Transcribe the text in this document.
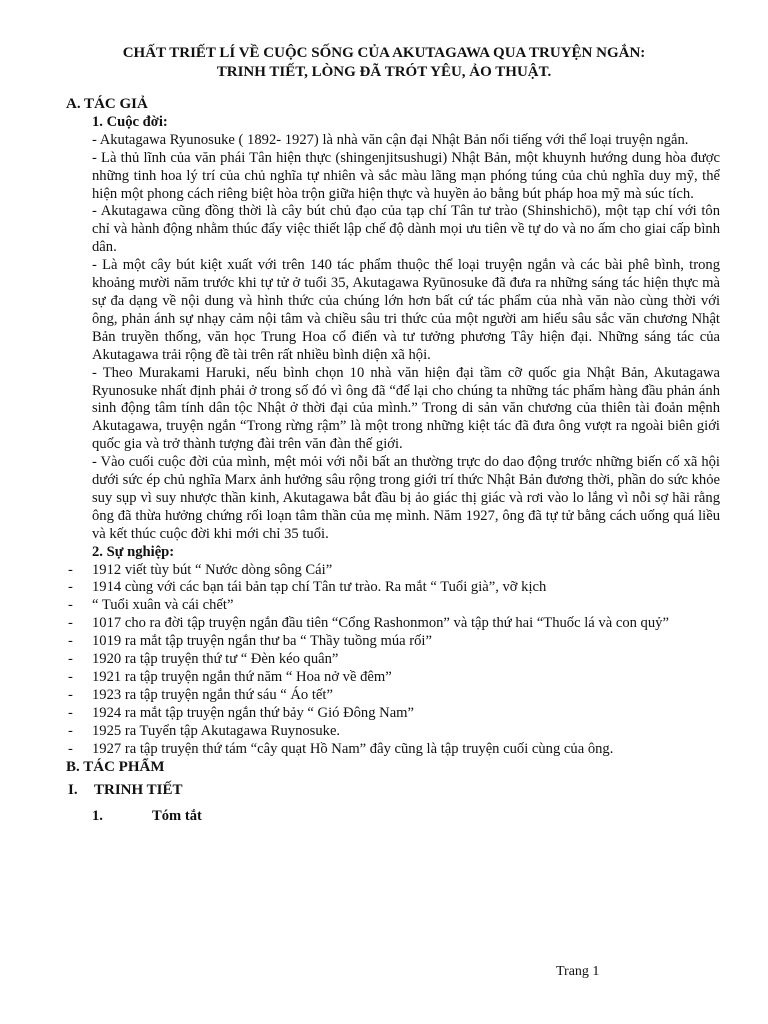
CHẤT TRIẾT LÍ VỀ CUỘC SỐNG CỦA AKUTAGAWA QUA TRUYỆN NGẮN:
TRINH TIẾT, LÒNG ĐÃ TRÓT YÊU, ẢO THUẬT.
A. TÁC GIẢ
1. Cuộc đời:
- Akutagawa Ryunosuke ( 1892- 1927) là nhà văn cận đại Nhật Bản nổi tiếng với thể loại truyện ngắn.
- Là thủ lĩnh của văn phái Tân hiện thực (shingenjitsushugi) Nhật Bản, một khuynh hướng dung hòa được những tinh hoa lý trí của chủ nghĩa tự nhiên và sắc màu lãng mạn phóng túng của chủ nghĩa duy mỹ, thể hiện một phong cách riêng biệt hòa trộn giữa hiện thực và huyền ảo bằng bút pháp hoa mỹ mà súc tích.
- Akutagawa cũng đồng thời là cây bút chủ đạo của tạp chí Tân tư trào (Shinshichō), một tạp chí với tôn chỉ và hành động nhằm thúc đẩy việc thiết lập chế độ dành mọi ưu tiên về tự do và no ấm cho giai cấp bình dân.
- Là một cây bút kiệt xuất với trên 140 tác phẩm thuộc thể loại truyện ngắn và các bài phê bình, trong khoảng mười năm trước khi tự tử ở tuổi 35, Akutagawa Ryūnosuke đã đưa ra những sáng tác hiện thực mà sự đa dạng về nội dung và hình thức của chúng lớn hơn bất cứ tác phẩm của nhà văn nào cùng thời với ông, phản ánh sự nhạy cảm nội tâm và chiều sâu tri thức của một người am hiểu sâu sắc văn chương Nhật Bản truyền thống, văn học Trung Hoa cổ điển và tư tưởng phương Tây hiện đại. Những sáng tác của Akutagawa trải rộng đề tài trên rất nhiều bình diện xã hội.
- Theo Murakami Haruki, nếu bình chọn 10 nhà văn hiện đại tầm cỡ quốc gia Nhật Bản, Akutagawa Ryunosuke nhất định phải ở trong số đó vì ông đã “để lại cho chúng ta những tác phẩm hàng đầu phản ánh sinh động tâm tính dân tộc Nhật ở thời đại của mình.” Trong di sản văn chương của thiên tài đoản mệnh Akutagawa, truyện ngắn “Trong rừng rậm” là một trong những kiệt tác đã đưa ông vượt ra ngoài biên giới quốc gia và trở thành tượng đài trên văn đàn thế giới.
- Vào cuối cuộc đời của mình, mệt mỏi với nỗi bất an thường trực do dao động trước những biến cố xã hội dưới sức ép chủ nghĩa Marx ảnh hưởng sâu rộng trong giới trí thức Nhật Bản đương thời, phần do sức khỏe suy sụp vì suy nhược thần kinh, Akutagawa bắt đầu bị ảo giác thị giác và rơi vào lo lắng vì nỗi sợ hãi rằng ông đã thừa hưởng chứng rối loạn tâm thần của mẹ mình. Năm 1927, ông đã tự tử bằng cách uống quá liều và kết thúc cuộc đời khi mới chỉ 35 tuổi.
2. Sự nghiệp:
- 1912 viết tùy bút “ Nước dòng sông Cái”
- 1914 cùng với các bạn tái bản tạp chí Tân tư trào. Ra mắt “ Tuổi già”, vỡ kịch
- “ Tuổi xuân và cái chết”
- 1017 cho ra đời tập truyện ngắn đầu tiên “Cổng Rashonmon” và tập thứ hai “Thuốc lá và con quỷ”
- 1019 ra mắt tập truyện ngắn thư ba “ Thầy tuồng múa rối”
- 1920 ra tập truyện thứ tư “ Đèn kéo quân”
- 1921 ra tập truyện ngắn thứ năm “ Hoa nở về đêm”
- 1923 ra tập truyện ngắn thứ sáu “ Áo tết”
- 1924 ra mắt tập truyện ngắn thứ bảy “ Gió Đông Nam”
- 1925 ra Tuyển tập Akutagawa Ruynosuke.
- 1927 ra tập truyện thứ tám “cây quạt Hồ Nam” đây cũng là tập truyện cuối cùng của ông.
B. TÁC PHẨM
I. TRINH TIẾT
1.	Tóm tắt
Trang 1
